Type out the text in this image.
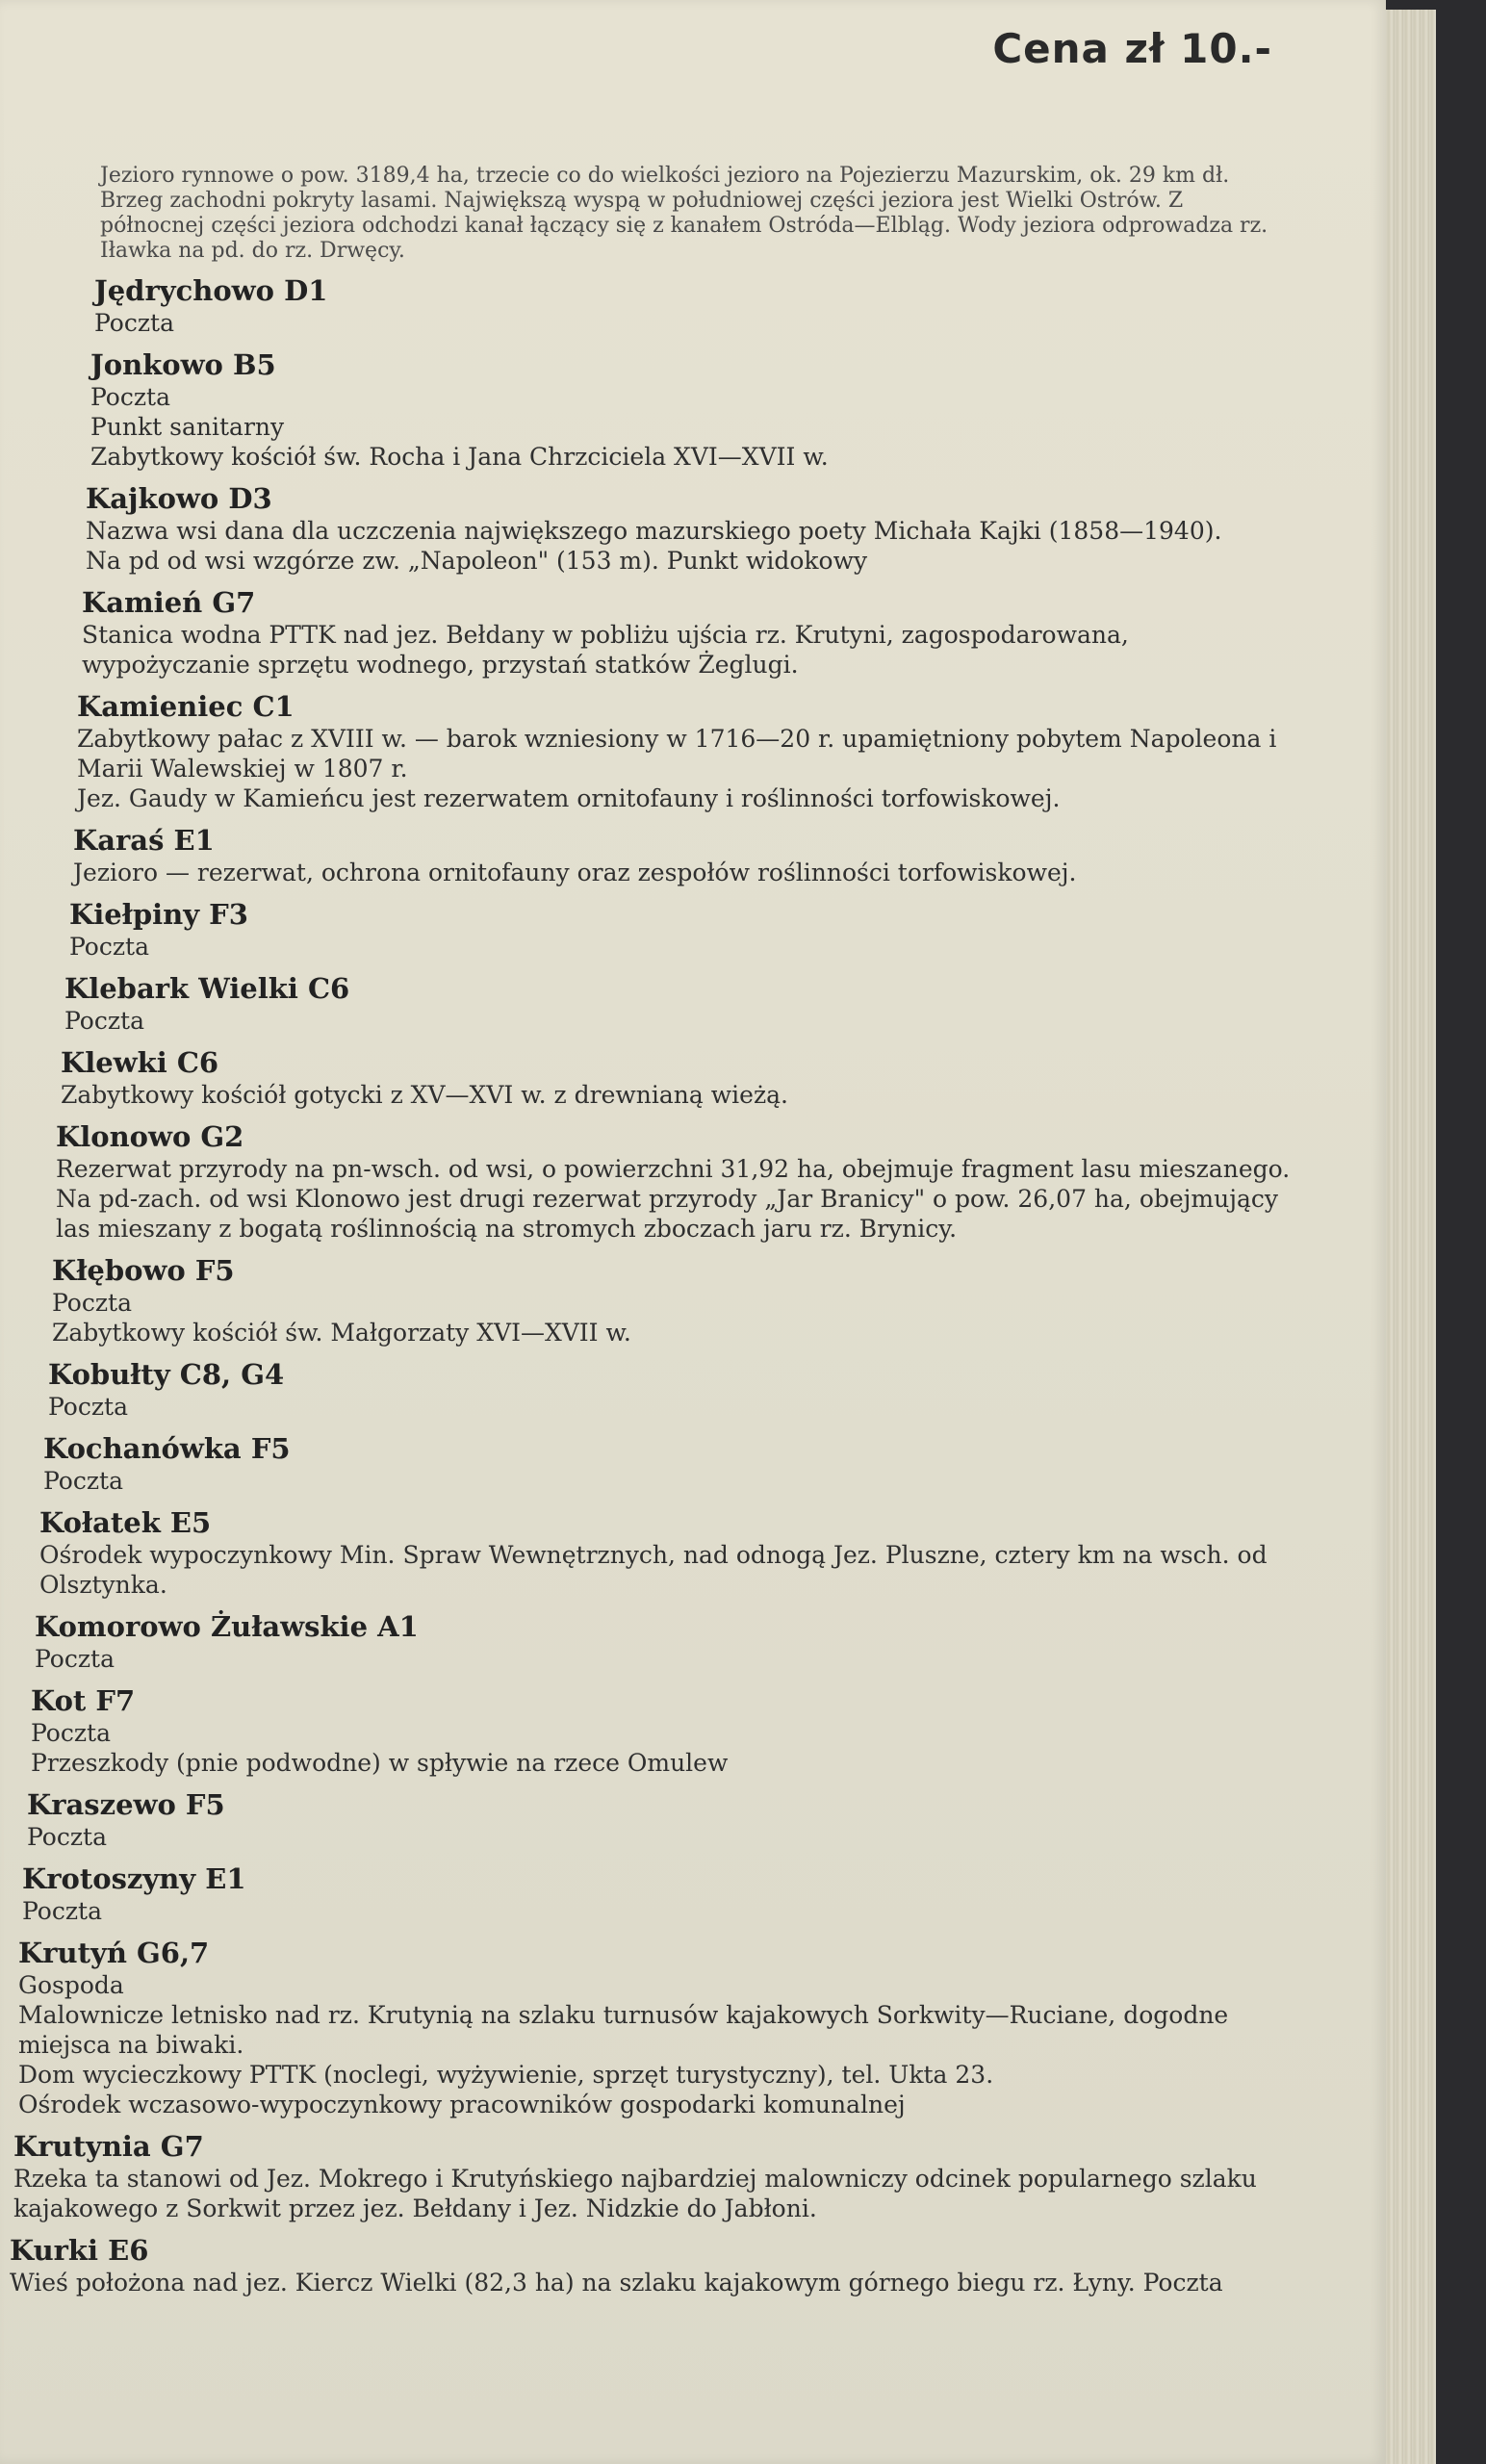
Cena zł 10.-
Jezioro rynnowe o pow. 3189,4 ha, trzecie co do wielkości jezioro na Pojezierzu Mazurskim, ok. 29 km dł. Brzeg zachodni pokryty lasami. Największą wyspą w południowej części jeziora jest Wielki Ostrów. Z północnej części jeziora odchodzi kanał łączący się z kanałem Ostróda—Elbląg. Wody jeziora odprowadza rz. Iławka na pd. do rz. Drwęcy.
Jędrychowo D1
Poczta
Jonkowo B5
Poczta
Punkt sanitarny
Zabytkowy kościół św. Rocha i Jana Chrzciciela XVI—XVII w.
Kajkowo D3
Nazwa wsi dana dla uczczenia największego mazurskiego poety Michała Kajki (1858—1940).
Na pd od wsi wzgórze zw. „Napoleon" (153 m). Punkt widokowy
Kamień G7
Stanica wodna PTTK nad jez. Bełdany w pobliżu ujścia rz. Krutyni, zagospodarowana,
wypożyczanie sprzętu wodnego, przystań statków Żeglugi.
Kamieniec C1
Zabytkowy pałac z XVIII w. — barok wzniesiony w 1716—20 r. upamiętniony pobytem Napoleona i Marii Walewskiej w 1807 r.
Jez. Gaudy w Kamieńcu jest rezerwatem ornitofauny i roślinności torfowiskowej.
Karaś E1
Jezioro — rezerwat, ochrona ornitofauny oraz zespołów roślinności torfowiskowej.
Kiełpiny F3
Poczta
Klebark Wielki C6
Poczta
Klewki C6
Zabytkowy kościół gotycki z XV—XVI w. z drewnianą wieżą.
Klonowo G2
Rezerwat przyrody na pn-wsch. od wsi, o powierzchni 31,92 ha, obejmuje fragment lasu mieszanego.
Na pd-zach. od wsi Klonowo jest drugi rezerwat przyrody „Jar Branicy" o pow. 26,07 ha, obejmujący las mieszany z bogatą roślinnością na stromych zboczach jaru rz. Brynicy.
Kłębowo F5
Poczta
Zabytkowy kościół św. Małgorzaty XVI—XVII w.
Kobułty C8, G4
Poczta
Kochanówka F5
Poczta
Kołatek E5
Ośrodek wypoczynkowy Min. Spraw Wewnętrznych, nad odnogą Jez. Pluszne, cztery km na wsch. od Olsztynka.
Komorowo Żuławskie A1
Poczta
Kot F7
Poczta
Przeszkody (pnie podwodne) w spływie na rzece Omulew
Kraszewo F5
Poczta
Krotoszyny E1
Poczta
Krutyń G6,7
Gospoda
Malownicze letnisko nad rz. Krutynią na szlaku turnusów kajakowych Sorkwity—Ruciane, dogodne miejsca na biwaki.
Dom wycieczkowy PTTK (noclegi, wyżywienie, sprzęt turystyczny), tel. Ukta 23.
Ośrodek wczasowo-wypoczynkowy pracowników gospodarki komunalnej
Krutynia G7
Rzeka ta stanowi od Jez. Mokrego i Krutyńskiego najbardziej malowniczy odcinek popularnego szlaku kajakowego z Sorkwit przez jez. Bełdany i Jez. Nidzkie do Jabłoni.
Kurki E6
Wieś położona nad jez. Kiercz Wielki (82,3 ha) na szlaku kajakowym górnego biegu rz. Łyny. Poczta
